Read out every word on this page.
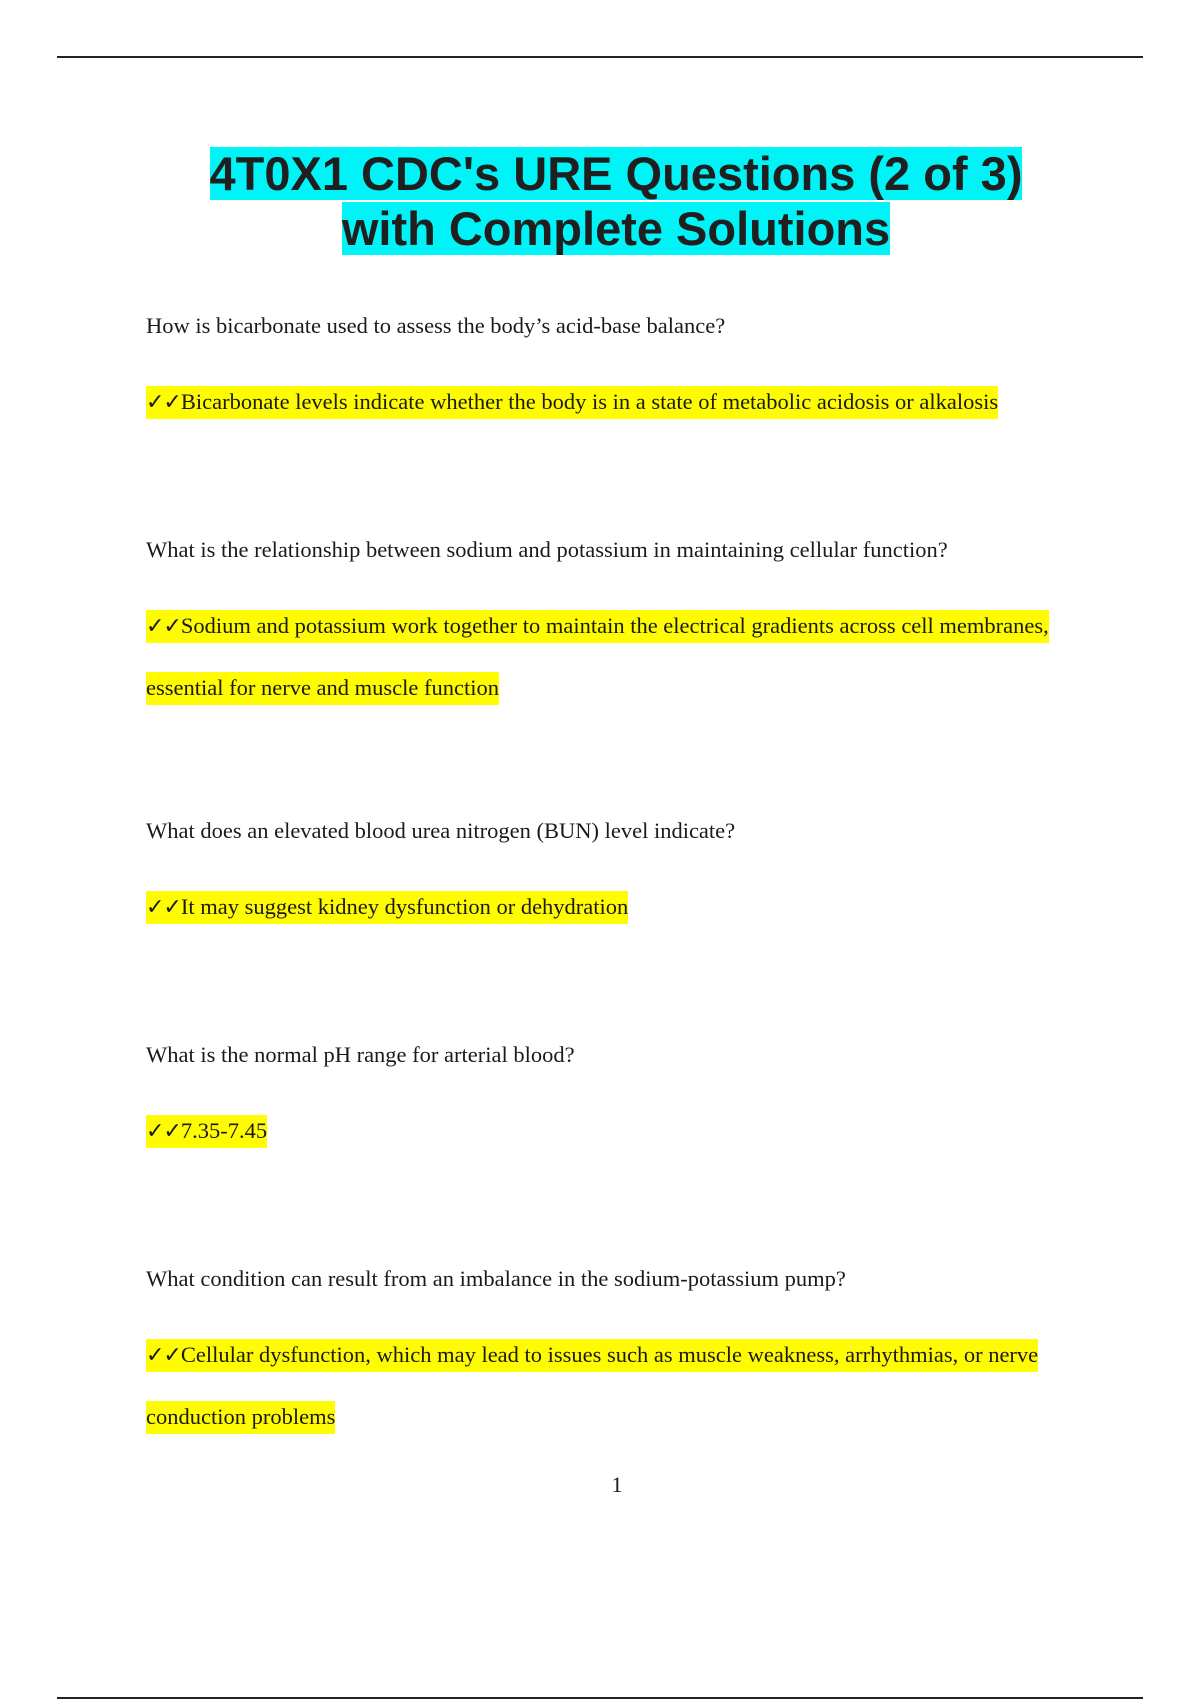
4T0X1 CDC's URE Questions (2 of 3)
with Complete Solutions
How is bicarbonate used to assess the body’s acid-base balance?
✓✓Bicarbonate levels indicate whether the body is in a state of metabolic acidosis or alkalosis
What is the relationship between sodium and potassium in maintaining cellular function?
✓✓Sodium and potassium work together to maintain the electrical gradients across cell membranes, essential for nerve and muscle function
What does an elevated blood urea nitrogen (BUN) level indicate?
✓✓It may suggest kidney dysfunction or dehydration
What is the normal pH range for arterial blood?
✓✓7.35-7.45
What condition can result from an imbalance in the sodium-potassium pump?
✓✓Cellular dysfunction, which may lead to issues such as muscle weakness, arrhythmias, or nerve conduction problems
1
